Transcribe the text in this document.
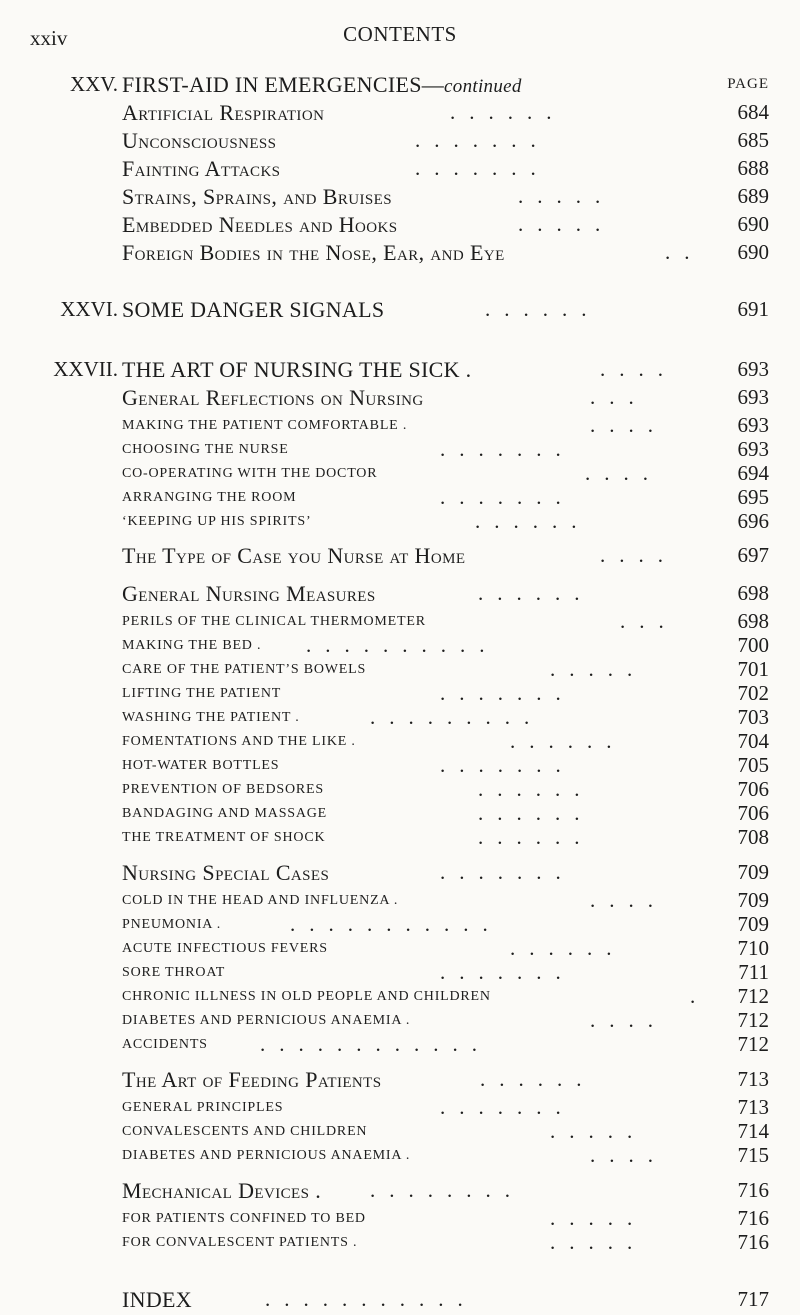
xxiv	CONTENTS
XXV. FIRST-AID IN EMERGENCIES—continued	PAGE
Artificial Respiration	......	684
Unconsciousness	.......	685
Fainting Attacks	.......	688
Strains, Sprains, and Bruises	.....	689
Embedded Needles and Hooks	.....	690
Foreign Bodies in the Nose, Ear, and Eye	..	690
XXVI. SOME DANGER SIGNALS	......	691
XXVII. THE ART OF NURSING THE SICK .	....	693
General Reflections on Nursing	...	693
MAKING THE PATIENT COMFORTABLE .	....	693
CHOOSING THE NURSE	.......	693
CO-OPERATING WITH THE DOCTOR	....	694
ARRANGING THE ROOM	.......	695
‘KEEPING UP HIS SPIRITS’	......	696
The Type of Case you Nurse at Home	....	697
General Nursing Measures	......	698
PERILS OF THE CLINICAL THERMOMETER	...	698
MAKING THE BED . ..........	700
CARE OF THE PATIENT’S BOWELS	.....	701
LIFTING THE PATIENT	.......	702
WASHING THE PATIENT .	.........	703
FOMENTATIONS AND THE LIKE .	......	704
HOT-WATER BOTTLES	.......	705
PREVENTION OF BEDSORES	......	706
BANDAGING AND MASSAGE	......	706
THE TREATMENT OF SHOCK	......	708
Nursing Special Cases	.......	709
COLD IN THE HEAD AND INFLUENZA .	....	709
PNEUMONIA .	...........	709
ACUTE INFECTIOUS FEVERS	......	710
SORE THROAT	.......	711
CHRONIC ILLNESS IN OLD PEOPLE AND CHILDREN	.	712
DIABETES AND PERNICIOUS ANAEMIA .	....	712
ACCIDENTS ............	712
The Art of Feeding Patients	......	713
GENERAL PRINCIPLES	.......	713
CONVALESCENTS AND CHILDREN	.....	714
DIABETES AND PERNICIOUS ANAEMIA .	....	715
Mechanical Devices . ........	716
FOR PATIENTS CONFINED TO BED	.....	716
FOR CONVALESCENT PATIENTS .	.....	716
INDEX	...........	717
